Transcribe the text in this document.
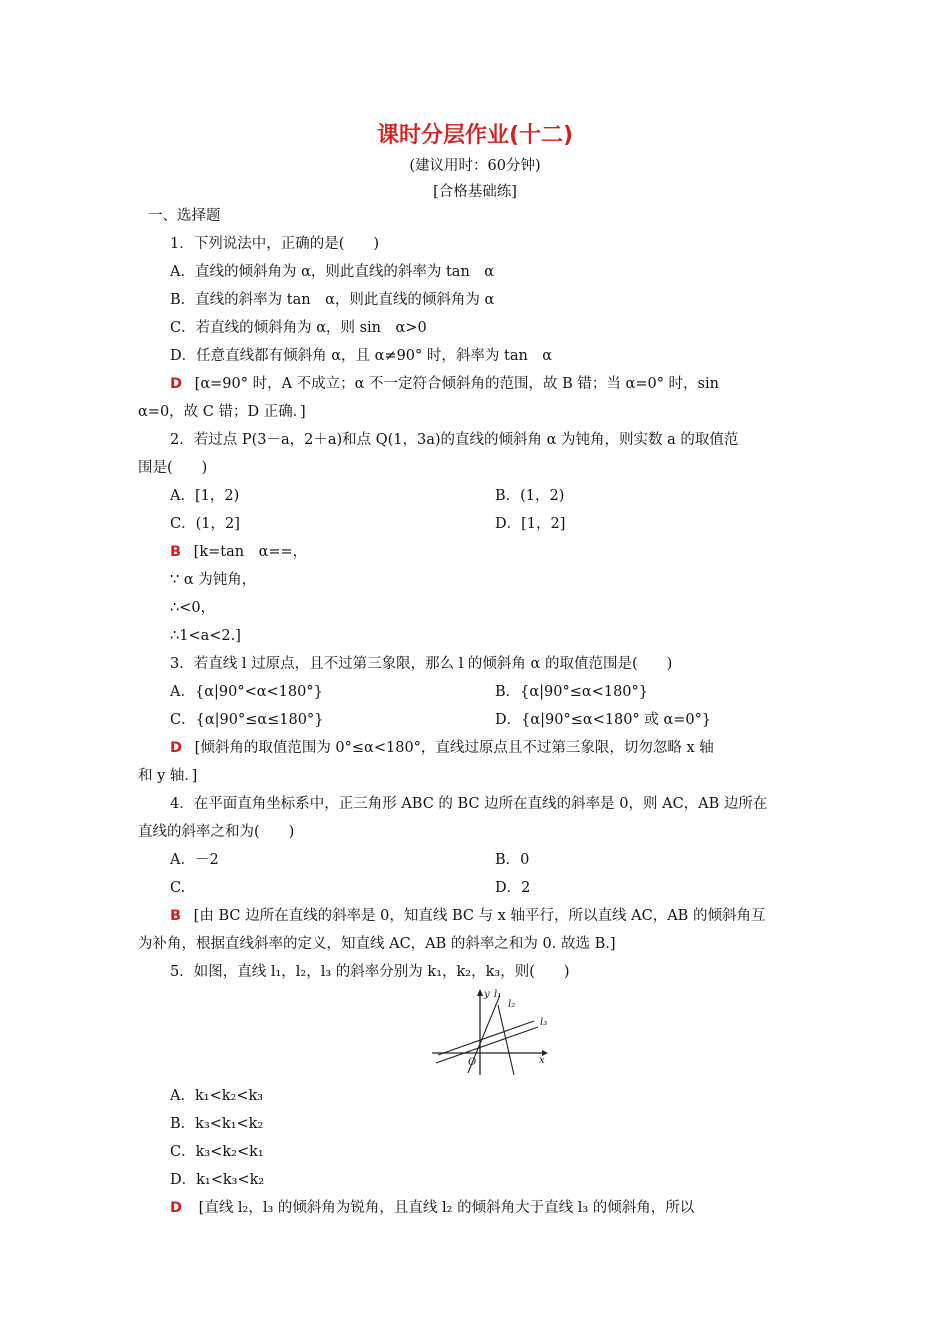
课时分层作业(十二)
(建议用时：60分钟)
[合格基础练]
一、选择题
1．下列说法中，正确的是(　　)
A．直线的倾斜角为 α，则此直线的斜率为 tan　α
B．直线的斜率为 tan　α，则此直线的倾斜角为 α
C．若直线的倾斜角为 α，则 sin　α>0
D．任意直线都有倾斜角 α，且 α≠90° 时，斜率为 tan　α
D [α=90° 时，A 不成立；α 不一定符合倾斜角的范围，故 B 错；当 α=0° 时，sin
α=0，故 C 错；D 正确．]
2．若过点 P(3－a，2＋a)和点 Q(1，3a)的直线的倾斜角 α 为钝角，则实数 a 的取值范
围是(　　)
A．[1，2)	B．(1，2)
C．(1，2]	D．[1，2]
B [k=tan　α==，
∵ α 为钝角，
∴<0，
∴1<a<2.]
3．若直线 l 过原点，且不过第三象限，那么 l 的倾斜角 α 的取值范围是(　　)
A．{α|90°<α<180°}	B．{α|90°≤α<180°}
C．{α|90°≤α≤180°}	D．{α|90°≤α<180° 或 α=0°}
D [倾斜角的取值范围为 0°≤α<180°，直线过原点且不过第三象限，切勿忽略 x 轴
和 y 轴．]
4．在平面直角坐标系中，正三角形 ABC 的 BC 边所在直线的斜率是 0，则 AC，AB 边所在
直线的斜率之和为(　　)
A．－2	B．0
C.	D．2
B [由 BC 边所在直线的斜率是 0，知直线 BC 与 x 轴平行，所以直线 AC，AB 的倾斜角互
为补角，根据直线斜率的定义，知直线 AC，AB 的斜率之和为 0. 故选 B.]
5．如图，直线 l₁，l₂，l₃ 的斜率分别为 k₁，k₂，k₃，则(　　)
y
x
O
l₁
l₂
l₃
A．k₁<k₂<k₃
B．k₃<k₁<k₂
C．k₃<k₂<k₁
D．k₁<k₃<k₂
D [直线 l₂，l₃ 的倾斜角为锐角，且直线 l₂ 的倾斜角大于直线 l₃ 的倾斜角，所以
